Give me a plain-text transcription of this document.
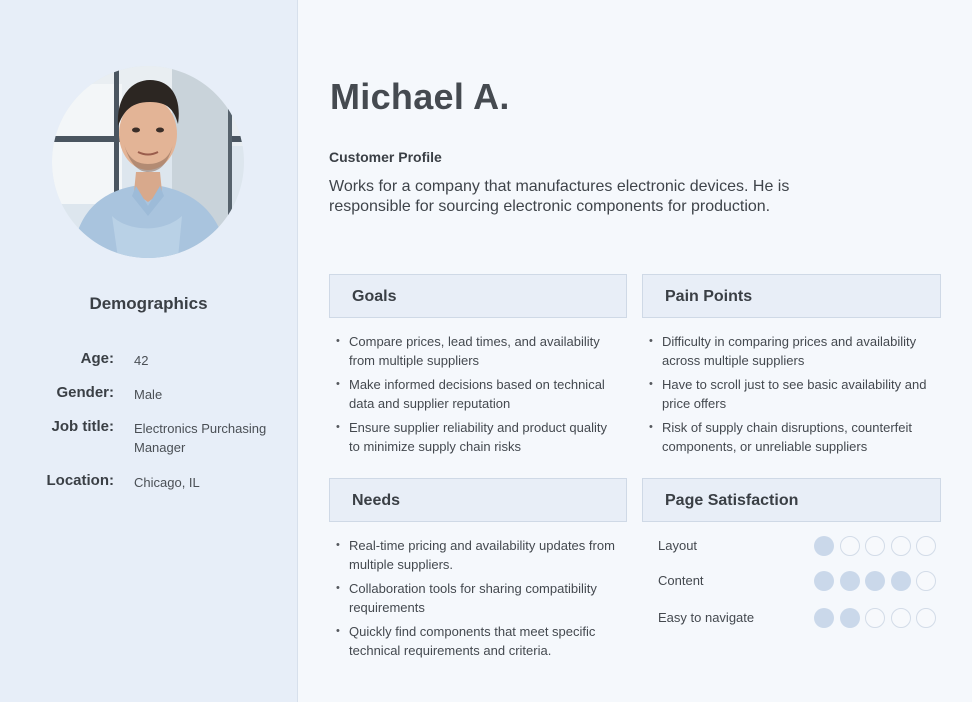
Demographics
Age: 42
Gender: Male
Job title: Electronics Purchasing Manager
Location: Chicago, IL
Michael A.
Customer Profile
Works for a company that manufactures electronic devices. He is responsible for sourcing electronic components for production.
Goals
• Compare prices, lead times, and availability from multiple suppliers
• Make informed decisions based on technical data and supplier reputation
• Ensure supplier reliability and product quality to minimize supply chain risks
Pain Points
• Difficulty in comparing prices and availability across multiple suppliers
• Have to scroll just to see basic availability and price offers
• Risk of supply chain disruptions, counterfeit components, or unreliable suppliers
Needs
• Real-time pricing and availability updates from multiple suppliers.
• Collaboration tools for sharing compatibility requirements
• Quickly find components that meet specific technical requirements and criteria.
Page Satisfaction
Layout
Content
Easy to navigate
